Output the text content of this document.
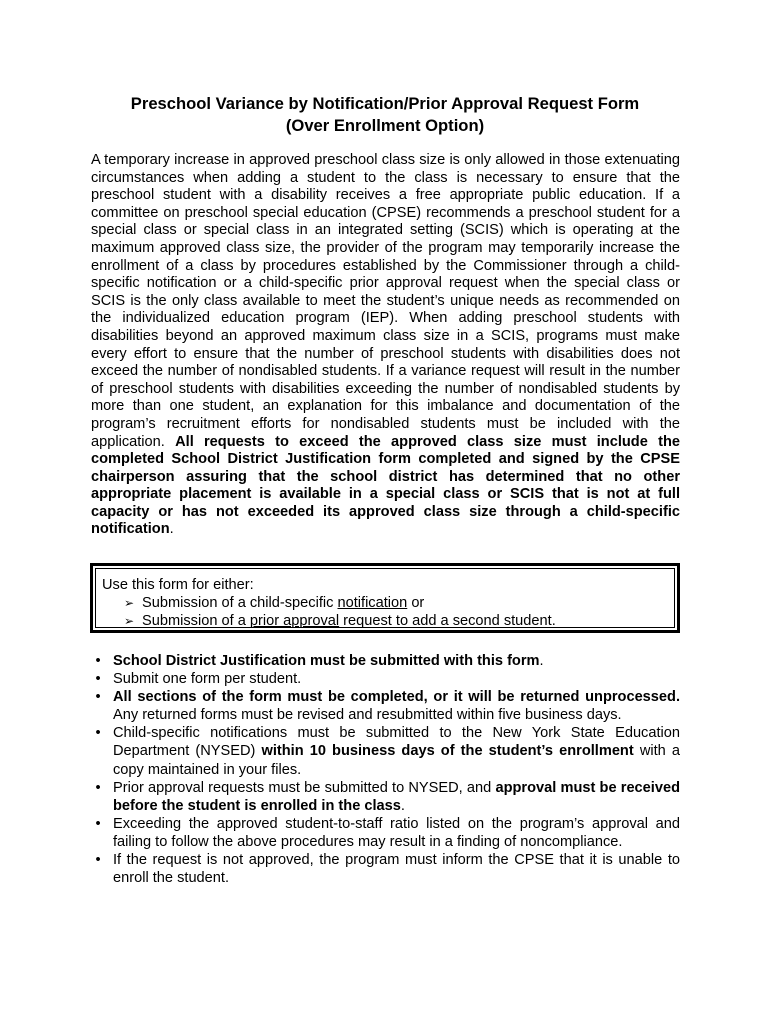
Preschool Variance by Notification/Prior Approval Request Form
(Over Enrollment Option)

A temporary increase in approved preschool class size is only allowed in those extenuating circumstances when adding a student to the class is necessary to ensure that the preschool student with a disability receives a free appropriate public education. If a committee on preschool special education (CPSE) recommends a preschool student for a special class or special class in an integrated setting (SCIS) which is operating at the maximum approved class size, the provider of the program may temporarily increase the enrollment of a class by procedures established by the Commissioner through a child-specific notification or a child-specific prior approval request when the special class or SCIS is the only class available to meet the student’s unique needs as recommended on the individualized education program (IEP). When adding preschool students with disabilities beyond an approved maximum class size in a SCIS, programs must make every effort to ensure that the number of preschool students with disabilities does not exceed the number of nondisabled students. If a variance request will result in the number of preschool students with disabilities exceeding the number of nondisabled students by more than one student, an explanation for this imbalance and documentation of the program’s recruitment efforts for nondisabled students must be included with the application. All requests to exceed the approved class size must include the completed School District Justification form completed and signed by the CPSE chairperson assuring that the school district has determined that no other appropriate placement is available in a special class or SCIS that is not at full capacity or has not exceeded its approved class size through a child-specific notification.

Use this form for either:
➢ Submission of a child-specific notification or
➢ Submission of a prior approval request to add a second student.
• School District Justification must be submitted with this form.
• Submit one form per student.
• All sections of the form must be completed, or it will be returned unprocessed. Any returned forms must be revised and resubmitted within five business days.
• Child-specific notifications must be submitted to the New York State Education Department (NYSED) within 10 business days of the student’s enrollment with a copy maintained in your files.
• Prior approval requests must be submitted to NYSED, and approval must be received before the student is enrolled in the class.
• Exceeding the approved student-to-staff ratio listed on the program’s approval and failing to follow the above procedures may result in a finding of noncompliance.
• If the request is not approved, the program must inform the CPSE that it is unable to enroll the student.
